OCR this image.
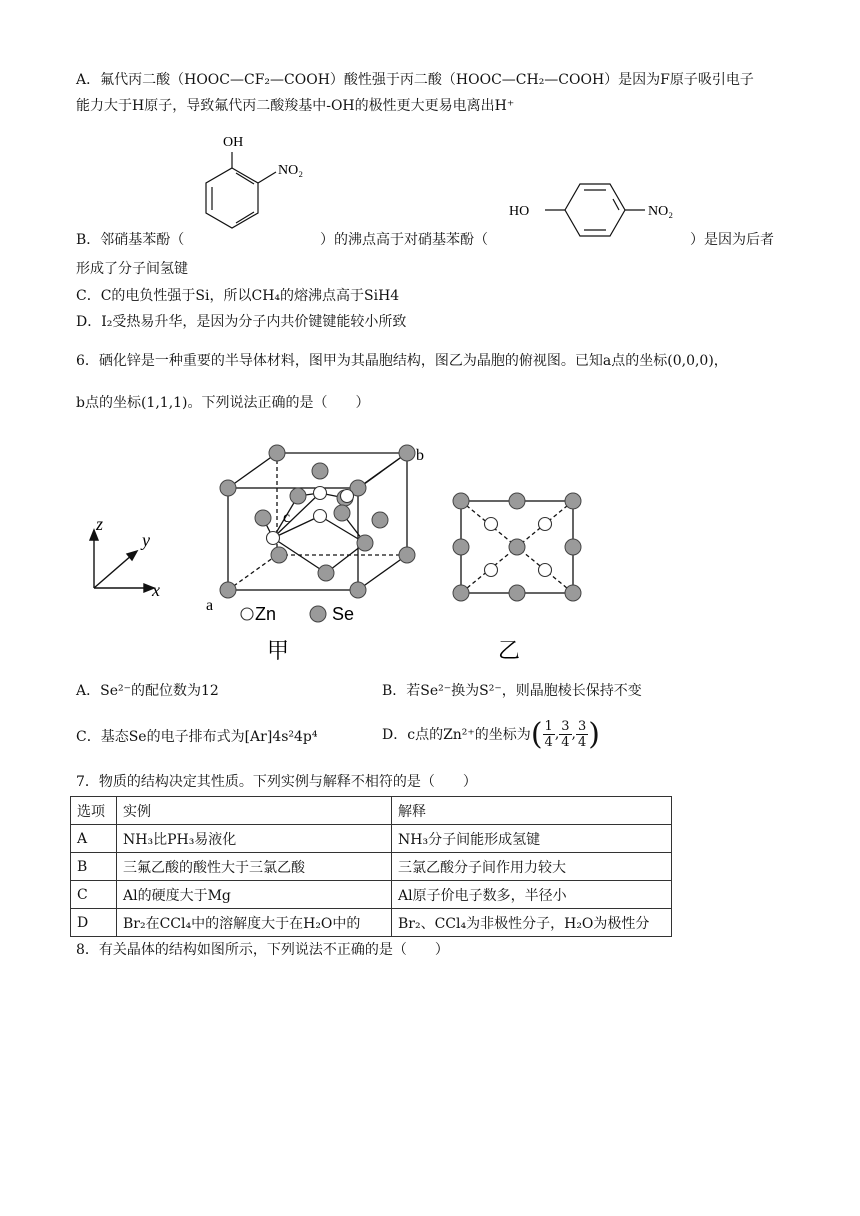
A．氟代丙二酸（HOOC—CF₂—COOH）酸性强于丙二酸（HOOC—CH₂—COOH）是因为F原子吸引电子
能力大于H原子，导致氟代丙二酸羧基中-OH的极性更大更易电离出H⁺
OH
NO₂
HO	NO₂
B．邻硝基苯酚（	）的沸点高于对硝基苯酚（	）是因为后者
形成了分子间氢键
C．C的电负性强于Si，所以CH₄的熔沸点高于SiH4
D．I₂受热易升华，是因为分子内共价键键能较小所致
6．硒化锌是一种重要的半导体材料，图甲为其晶胞结构，图乙为晶胞的俯视图。已知a点的坐标(0,0,0)，
b点的坐标(1,1,1)。下列说法正确的是（　　）
z
y
x
a
b
c
Zn	Se
甲	乙
A．Se²⁻的配位数为12	B．若Se²⁻换为S²⁻，则晶胞棱长保持不变
C．基态Se的电子排布式为[Ar]4s²4p⁴	D．c点的Zn²⁺的坐标为 ( $\frac{1}{4}$ , $\frac{3}{4}$ , $\frac{3}{4}$ )
7．物质的结构决定其性质。下列实例与解释不相符的是（　　）
选项	实例	解释
A	NH₃比PH₃易液化	NH₃分子间能形成氢键
B	三氟乙酸的酸性大于三氯乙酸	三氯乙酸分子间作用力较大
C	Al的硬度大于Mg	Al原子价电子数多，半径小
D	Br₂在CCl₄中的溶解度大于在H₂O中的	Br₂、CCl₄为非极性分子，H₂O为极性分
8．有关晶体的结构如图所示，下列说法不正确的是（　　）
